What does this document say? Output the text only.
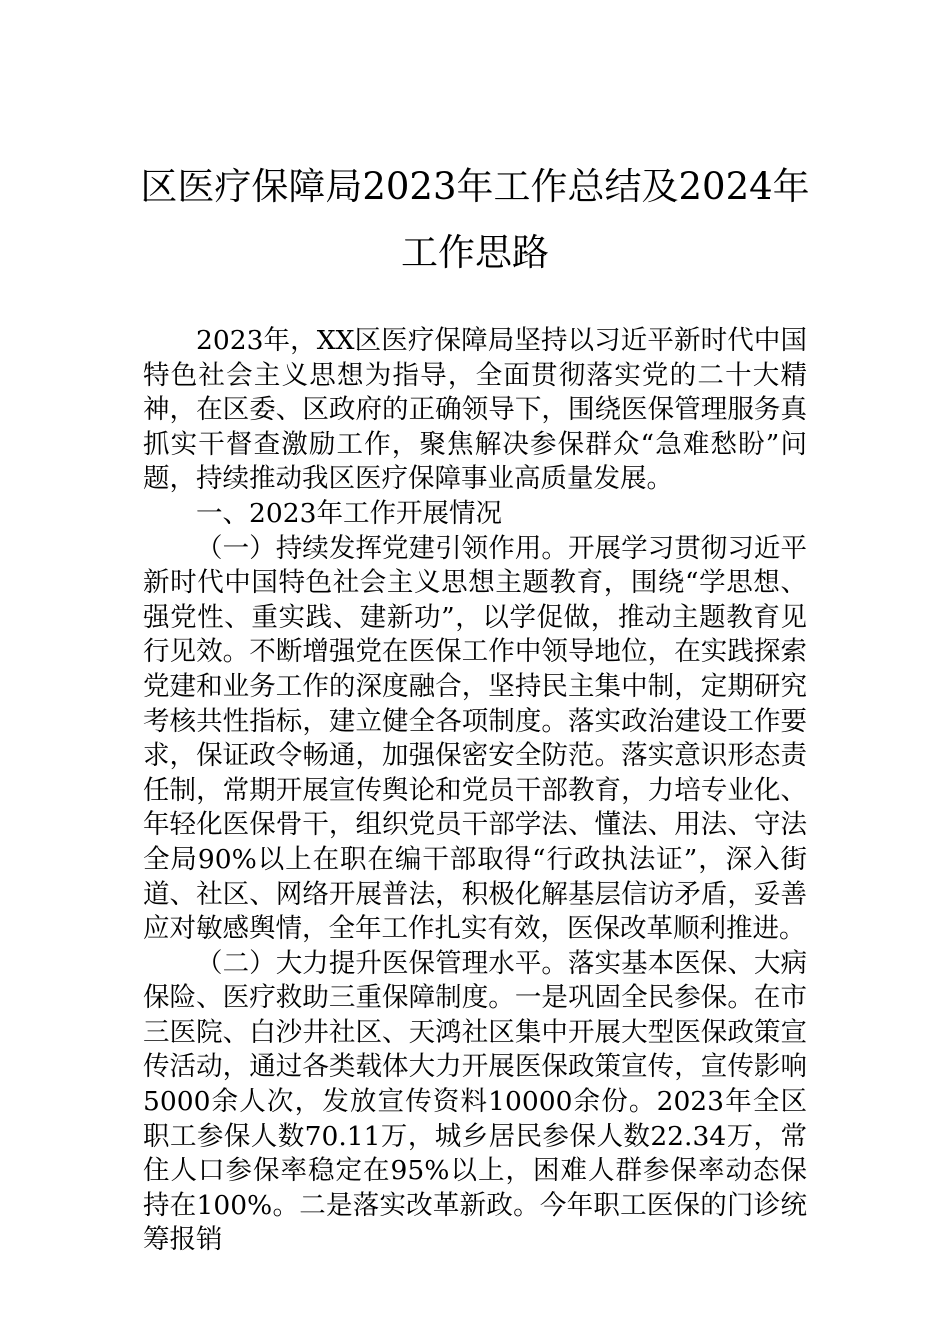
区医疗保障局2023年工作总结及2024年工作思路

2023年，XX区医疗保障局坚持以习近平新时代中国特色社会主义思想为指导，全面贯彻落实党的二十大精神，在区委、区政府的正确领导下，围绕医保管理服务真抓实干督查激励工作，聚焦解决参保群众“急难愁盼”问题，持续推动我区医疗保障事业高质量发展。

一、2023年工作开展情况

（一）持续发挥党建引领作用。开展学习贯彻习近平新时代中国特色社会主义思想主题教育，围绕“学思想、强党性、重实践、建新功”，以学促做，推动主题教育见行见效。不断增强党在医保工作中领导地位，在实践探索党建和业务工作的深度融合，坚持民主集中制，定期研究考核共性指标，建立健全各项制度。落实政治建设工作要求，保证政令畅通，加强保密安全防范。落实意识形态责任制，常期开展宣传舆论和党员干部教育，力培专业化、年轻化医保骨干，组织党员干部学法、懂法、用法、守法全局90%以上在职在编干部取得“行政执法证”，深入街道、社区、网络开展普法，积极化解基层信访矛盾，妥善应对敏感舆情，全年工作扎实有效，医保改革顺利推进。

（二）大力提升医保管理水平。落实基本医保、大病保险、医疗救助三重保障制度。一是巩固全民参保。在市三医院、白沙井社区、天鸿社区集中开展大型医保政策宣传活动，通过各类载体大力开展医保政策宣传，宣传影响5000余人次，发放宣传资料10000余份。2023年全区职工参保人数70.11万，城乡居民参保人数22.34万，常住人口参保率稳定在95%以上，困难人群参保率动态保持在100%。二是落实改革新政。今年职工医保的门诊统筹报销
